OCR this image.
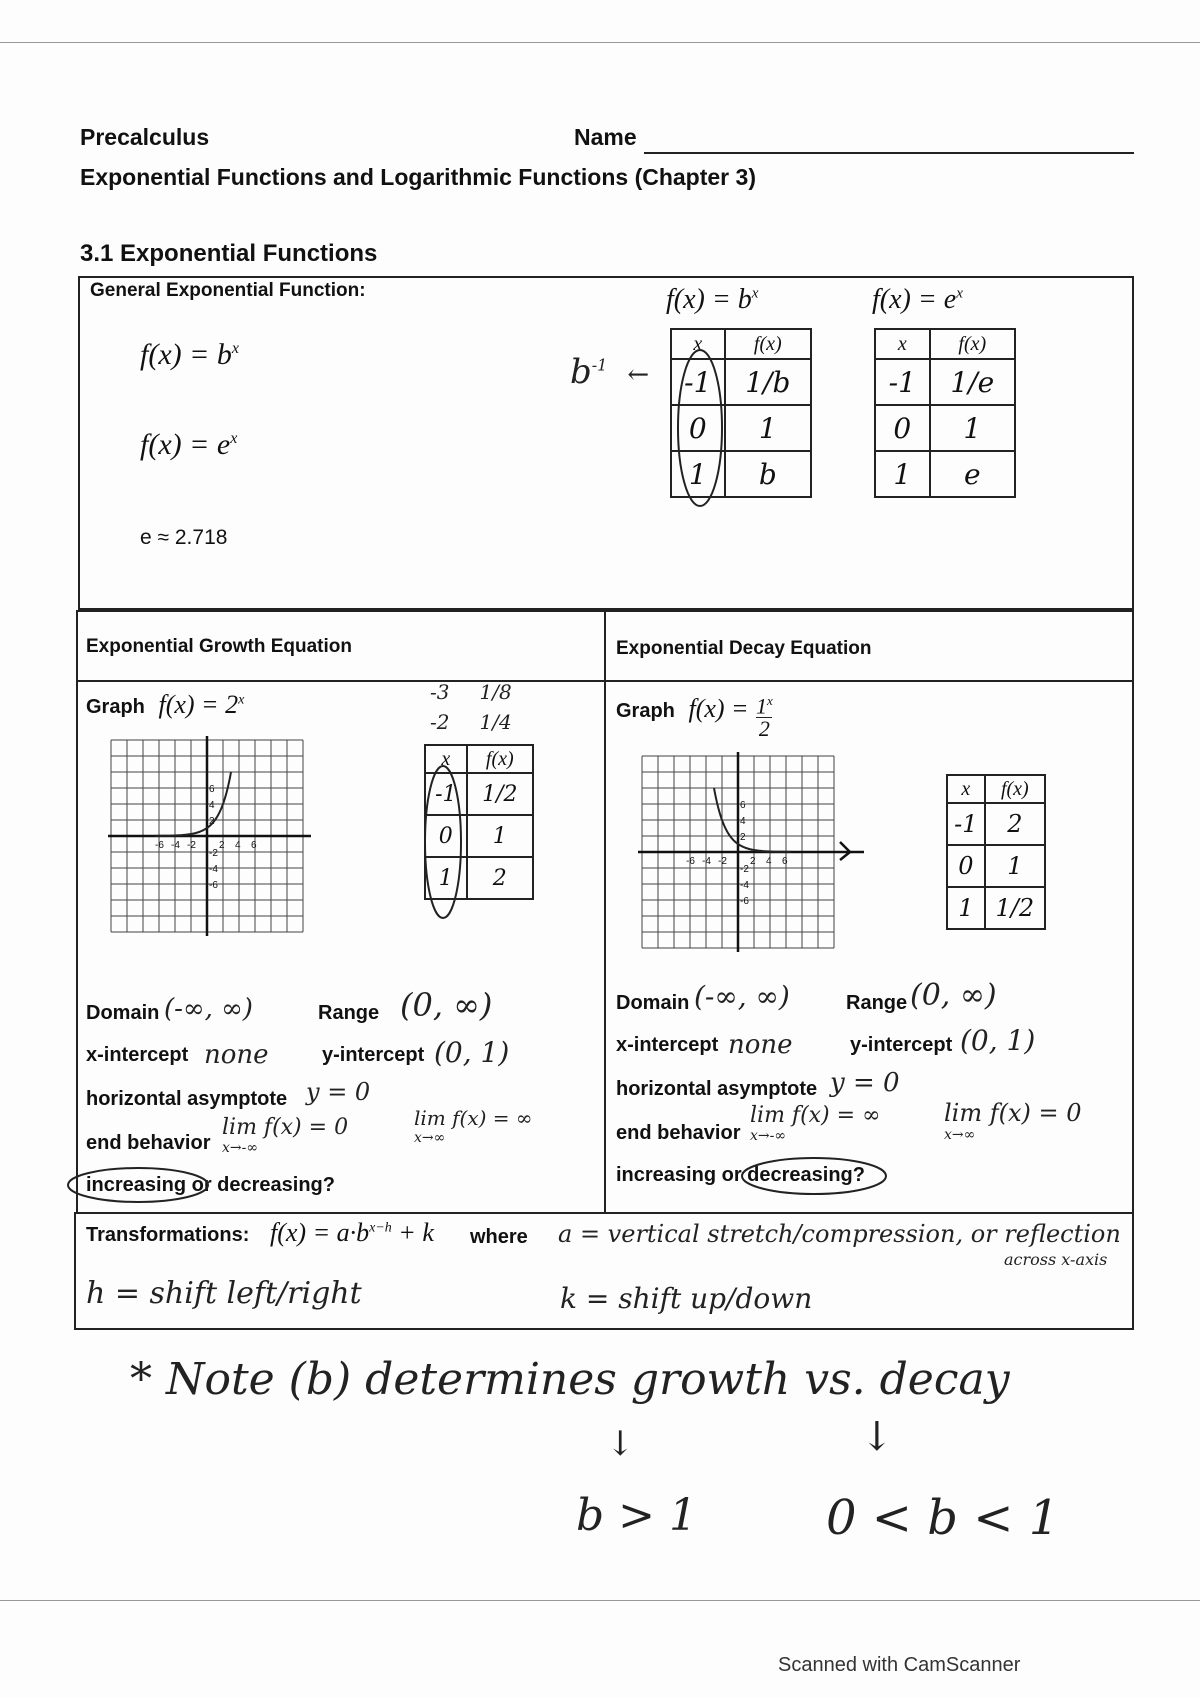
Precalculus	Name
Exponential Functions and Logarithmic Functions (Chapter 3)
3.1 Exponential Functions
General Exponential Function:
$f(x) = b^x$
$f(x) = e^x$
e ≈ 2.718
$b^{-1}$ ←
$f(x) = b^x$
x	f(x)
-1	1/b
0	1
1	b
$f(x) = e^x$
x	f(x)
-1	1/e
0	1
1	e
Exponential Growth Equation	Exponential Decay Equation
Graph $f(x) = 2^x$
-6 -4 -2 2 4 6
6
4
2
-2
-4
-6
-3 1/8
-2 1/4
x	f(x)
-1	1/2
0	1
1	2
Graph $f(x) = 1^x$
2
-6 -4 -2 2 4 6
6
4
2
-2
-4
-6
x	f(x)
-1	2
0	1
1	1/2
Domain (-∞, ∞)	Range (0, ∞)
x-intercept none	y-intercept (0, 1)
horizontal asymptote y = 0
end behavior
lim f(x) = 0
x→-∞
lim f(x) = ∞
x→∞
increasing or decreasing?
Domain (-∞, ∞)	Range (0, ∞)
x-intercept none	y-intercept (0, 1)
horizontal asymptote y = 0
end behavior
lim f(x) = ∞
x→-∞
lim f(x) = 0
x→∞
increasing or decreasing?
Transformations: $f(x) = a\cdot b^{x-h} + k$ where a = vertical stretch/compression, or reflection
across x-axis
h = shift left/right	k = shift up/down
* Note (b) determines growth vs. decay
↓	↓
b > 1	0 < b < 1
Scanned with CamScanner
